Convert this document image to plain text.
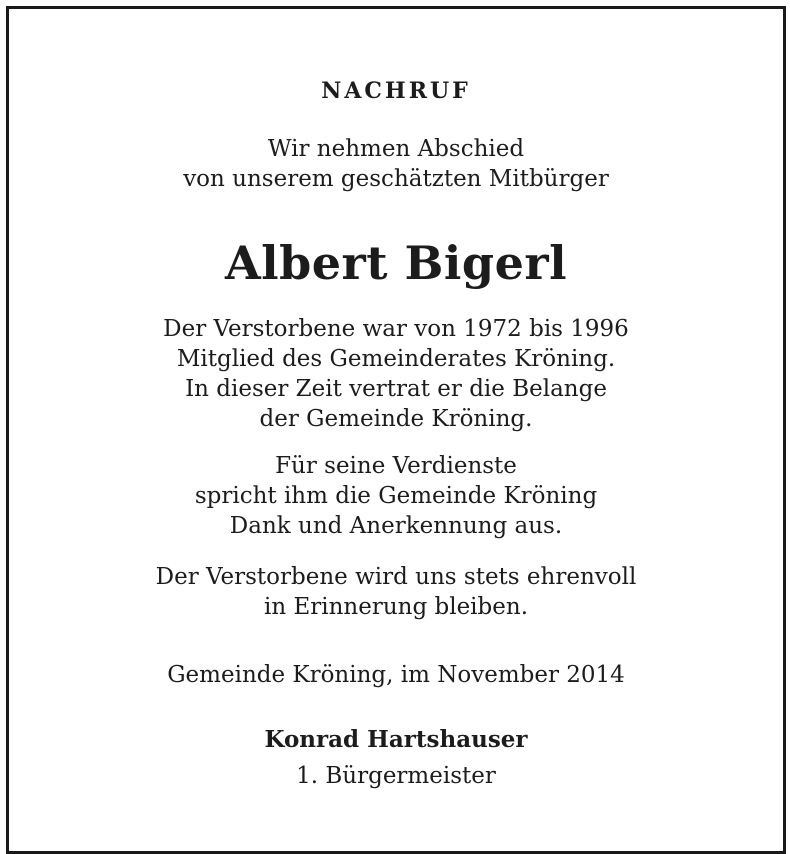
NACHRUF
Wir nehmen Abschied
von unserem geschätzten Mitbürger
Albert Bigerl
Der Verstorbene war von 1972 bis 1996
Mitglied des Gemeinderates Kröning.
In dieser Zeit vertrat er die Belange
der Gemeinde Kröning.
Für seine Verdienste
spricht ihm die Gemeinde Kröning
Dank und Anerkennung aus.
Der Verstorbene wird uns stets ehrenvoll
in Erinnerung bleiben.
Gemeinde Kröning, im November 2014
Konrad Hartshauser
1. Bürgermeister
